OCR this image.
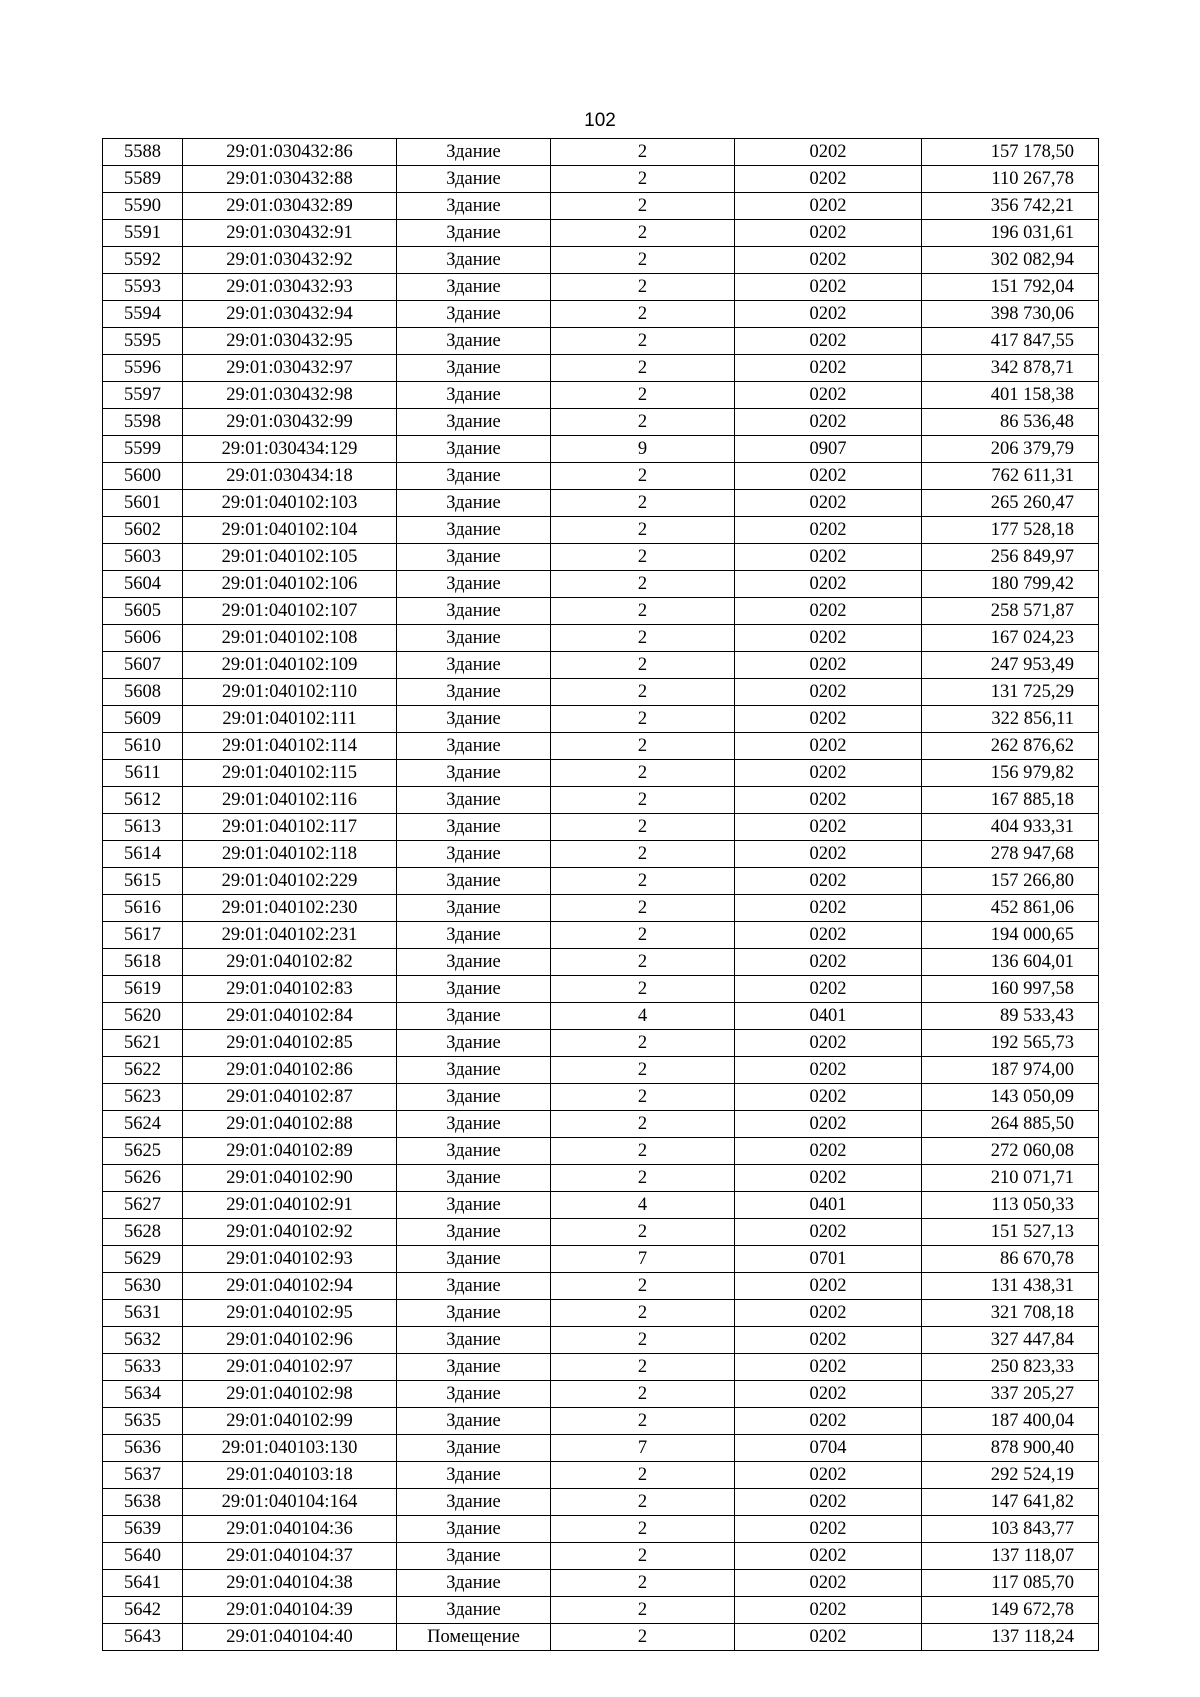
102
5588	29:01:030432:86	Здание	2	0202	157 178,50
5589	29:01:030432:88	Здание	2	0202	110 267,78
5590	29:01:030432:89	Здание	2	0202	356 742,21
5591	29:01:030432:91	Здание	2	0202	196 031,61
5592	29:01:030432:92	Здание	2	0202	302 082,94
5593	29:01:030432:93	Здание	2	0202	151 792,04
5594	29:01:030432:94	Здание	2	0202	398 730,06
5595	29:01:030432:95	Здание	2	0202	417 847,55
5596	29:01:030432:97	Здание	2	0202	342 878,71
5597	29:01:030432:98	Здание	2	0202	401 158,38
5598	29:01:030432:99	Здание	2	0202	86 536,48
5599	29:01:030434:129	Здание	9	0907	206 379,79
5600	29:01:030434:18	Здание	2	0202	762 611,31
5601	29:01:040102:103	Здание	2	0202	265 260,47
5602	29:01:040102:104	Здание	2	0202	177 528,18
5603	29:01:040102:105	Здание	2	0202	256 849,97
5604	29:01:040102:106	Здание	2	0202	180 799,42
5605	29:01:040102:107	Здание	2	0202	258 571,87
5606	29:01:040102:108	Здание	2	0202	167 024,23
5607	29:01:040102:109	Здание	2	0202	247 953,49
5608	29:01:040102:110	Здание	2	0202	131 725,29
5609	29:01:040102:111	Здание	2	0202	322 856,11
5610	29:01:040102:114	Здание	2	0202	262 876,62
5611	29:01:040102:115	Здание	2	0202	156 979,82
5612	29:01:040102:116	Здание	2	0202	167 885,18
5613	29:01:040102:117	Здание	2	0202	404 933,31
5614	29:01:040102:118	Здание	2	0202	278 947,68
5615	29:01:040102:229	Здание	2	0202	157 266,80
5616	29:01:040102:230	Здание	2	0202	452 861,06
5617	29:01:040102:231	Здание	2	0202	194 000,65
5618	29:01:040102:82	Здание	2	0202	136 604,01
5619	29:01:040102:83	Здание	2	0202	160 997,58
5620	29:01:040102:84	Здание	4	0401	89 533,43
5621	29:01:040102:85	Здание	2	0202	192 565,73
5622	29:01:040102:86	Здание	2	0202	187 974,00
5623	29:01:040102:87	Здание	2	0202	143 050,09
5624	29:01:040102:88	Здание	2	0202	264 885,50
5625	29:01:040102:89	Здание	2	0202	272 060,08
5626	29:01:040102:90	Здание	2	0202	210 071,71
5627	29:01:040102:91	Здание	4	0401	113 050,33
5628	29:01:040102:92	Здание	2	0202	151 527,13
5629	29:01:040102:93	Здание	7	0701	86 670,78
5630	29:01:040102:94	Здание	2	0202	131 438,31
5631	29:01:040102:95	Здание	2	0202	321 708,18
5632	29:01:040102:96	Здание	2	0202	327 447,84
5633	29:01:040102:97	Здание	2	0202	250 823,33
5634	29:01:040102:98	Здание	2	0202	337 205,27
5635	29:01:040102:99	Здание	2	0202	187 400,04
5636	29:01:040103:130	Здание	7	0704	878 900,40
5637	29:01:040103:18	Здание	2	0202	292 524,19
5638	29:01:040104:164	Здание	2	0202	147 641,82
5639	29:01:040104:36	Здание	2	0202	103 843,77
5640	29:01:040104:37	Здание	2	0202	137 118,07
5641	29:01:040104:38	Здание	2	0202	117 085,70
5642	29:01:040104:39	Здание	2	0202	149 672,78
5643	29:01:040104:40	Помещение	2	0202	137 118,24
